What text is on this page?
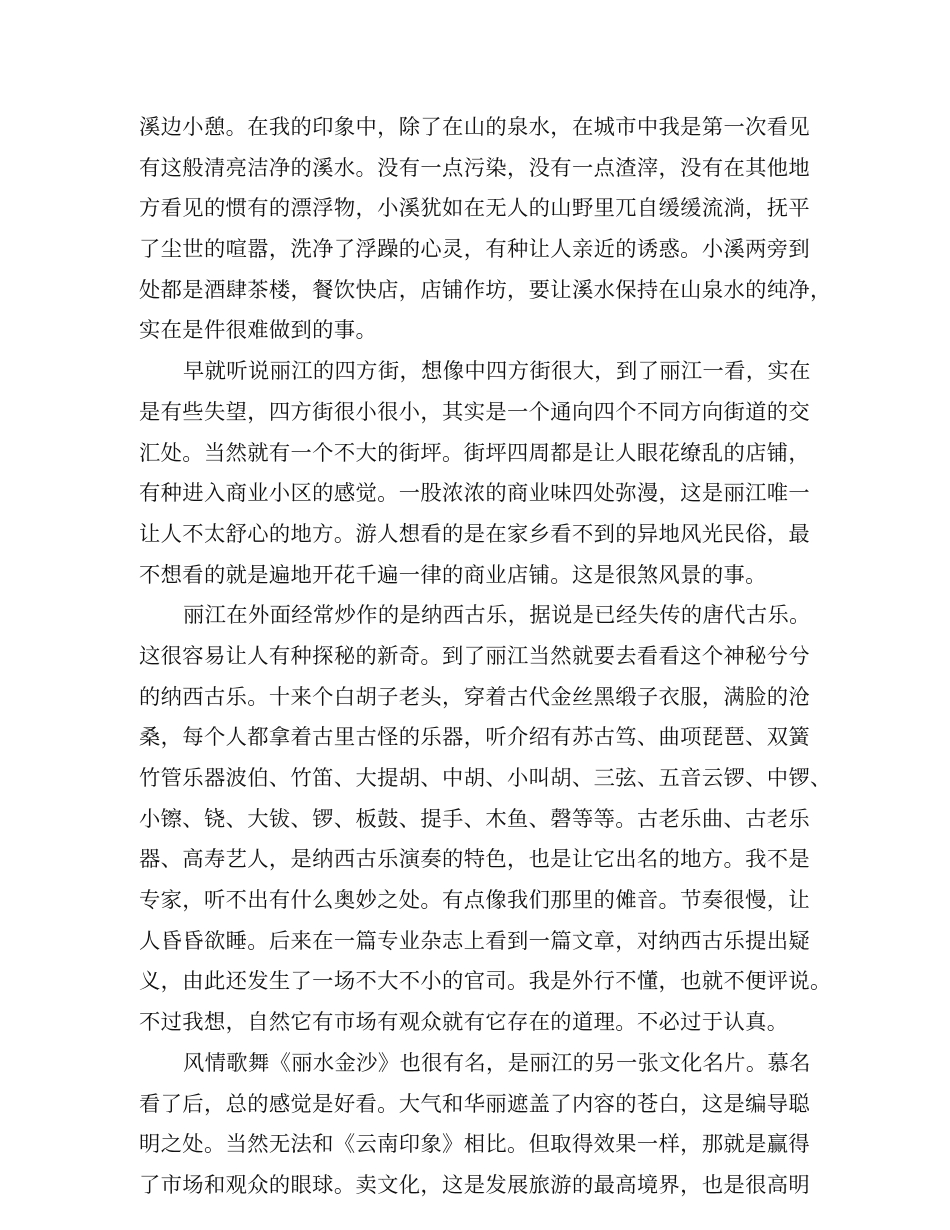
溪边小憩。在我的印象中，除了在山的泉水，在城市中我是第一次看见
有这般清亮洁净的溪水。没有一点污染，没有一点渣滓，没有在其他地
方看见的惯有的漂浮物，小溪犹如在无人的山野里兀自缓缓流淌，抚平
了尘世的喧嚣，洗净了浮躁的心灵，有种让人亲近的诱惑。小溪两旁到
处都是酒肆茶楼，餐饮快店，店铺作坊，要让溪水保持在山泉水的纯净，
实在是件很难做到的事。
早就听说丽江的四方街，想像中四方街很大，到了丽江一看，实在
是有些失望，四方街很小很小，其实是一个通向四个不同方向街道的交
汇处。当然就有一个不大的街坪。街坪四周都是让人眼花缭乱的店铺，
有种进入商业小区的感觉。一股浓浓的商业味四处弥漫，这是丽江唯一
让人不太舒心的地方。游人想看的是在家乡看不到的异地风光民俗，最
不想看的就是遍地开花千遍一律的商业店铺。这是很煞风景的事。
丽江在外面经常炒作的是纳西古乐，据说是已经失传的唐代古乐。
这很容易让人有种探秘的新奇。到了丽江当然就要去看看这个神秘兮兮
的纳西古乐。十来个白胡子老头，穿着古代金丝黑缎子衣服，满脸的沧
桑，每个人都拿着古里古怪的乐器，听介绍有苏古笃、曲项琵琶、双簧
竹管乐器波伯、竹笛、大提胡、中胡、小叫胡、三弦、五音云锣、中锣、
小镲、铙、大钹、锣、板鼓、提手、木鱼、磬等等。古老乐曲、古老乐
器、高寿艺人，是纳西古乐演奏的特色，也是让它出名的地方。我不是
专家，听不出有什么奥妙之处。有点像我们那里的傩音。节奏很慢，让
人昏昏欲睡。后来在一篇专业杂志上看到一篇文章，对纳西古乐提出疑
义，由此还发生了一场不大不小的官司。我是外行不懂，也就不便评说。
不过我想，自然它有市场有观众就有它存在的道理。不必过于认真。
风情歌舞《丽水金沙》也很有名，是丽江的另一张文化名片。慕名
看了后，总的感觉是好看。大气和华丽遮盖了内容的苍白，这是编导聪
明之处。当然无法和《云南印象》相比。但取得效果一样，那就是赢得
了市场和观众的眼球。卖文化，这是发展旅游的最高境界，也是很高明
